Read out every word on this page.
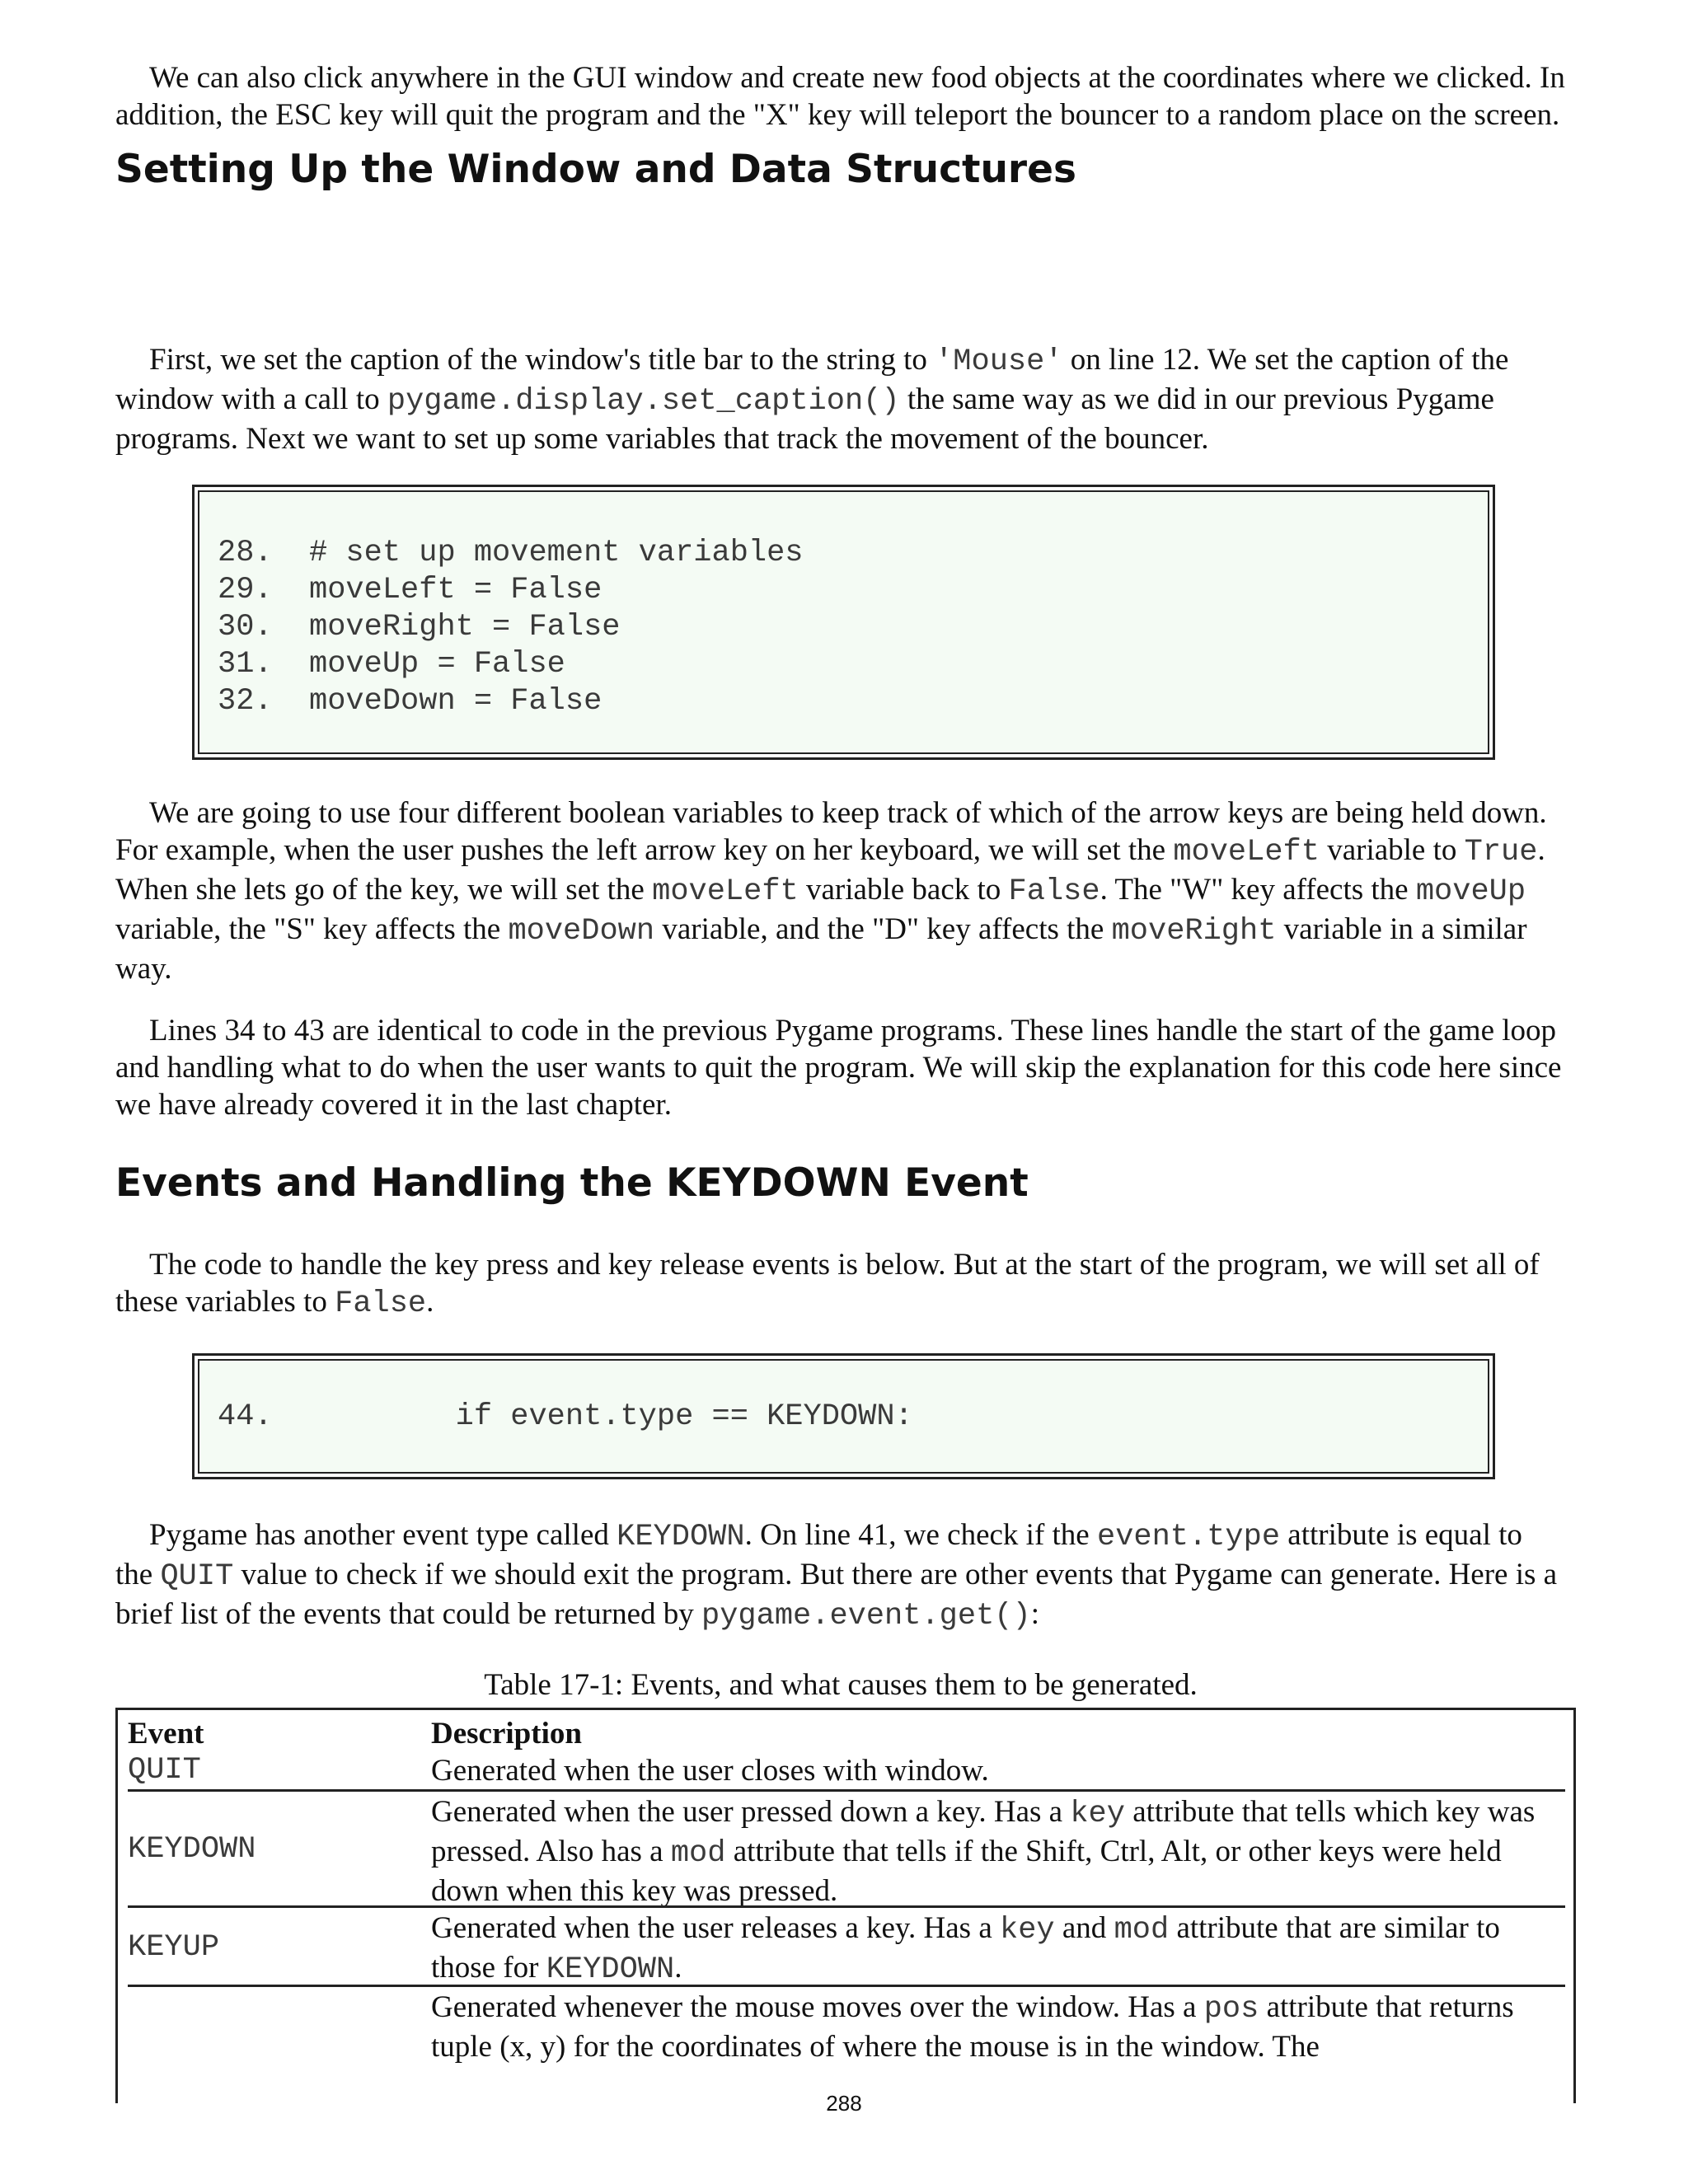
We can also click anywhere in the GUI window and create new food objects at the coordinates where we clicked. In addition, the ESC key will quit the program and the "X" key will teleport the bouncer to a random place on the screen.

Setting Up the Window and Data Structures

First, we set the caption of the window's title bar to the string to 'Mouse' on line 12. We set the caption of the window with a call to pygame.display.set_caption() the same way as we did in our previous Pygame programs. Next we want to set up some variables that track the movement of the bouncer.

28.  # set up movement variables
29.  moveLeft = False
30.  moveRight = False
31.  moveUp = False
32.  moveDown = False

We are going to use four different boolean variables to keep track of which of the arrow keys are being held down. For example, when the user pushes the left arrow key on her keyboard, we will set the moveLeft variable to True. When she lets go of the key, we will set the moveLeft variable back to False. The "W" key affects the moveUp variable, the "S" key affects the moveDown variable, and the "D" key affects the moveRight variable in a similar way.

Lines 34 to 43 are identical to code in the previous Pygame programs. These lines handle the start of the game loop and handling what to do when the user wants to quit the program. We will skip the explanation for this code here since we have already covered it in the last chapter.

Events and Handling the KEYDOWN Event

The code to handle the key press and key release events is below. But at the start of the program, we will set all of these variables to False.

44.          if event.type == KEYDOWN:

Pygame has another event type called KEYDOWN. On line 41, we check if the event.type attribute is equal to the QUIT value to check if we should exit the program. But there are other events that Pygame can generate. Here is a brief list of the events that could be returned by pygame.event.get():

Table 17-1: Events, and what causes them to be generated.
Event	Description
QUIT	Generated when the user closes with window.
KEYDOWN
Generated when the user pressed down a key. Has a key attribute that tells which key was pressed. Also has a mod attribute that tells if the Shift, Ctrl, Alt, or other keys were held down when this key was pressed.
KEYUP
Generated when the user releases a key. Has a key and mod attribute that are similar to those for KEYDOWN.
Generated whenever the mouse moves over the window. Has a pos attribute that returns tuple (x, y) for the coordinates of where the mouse is in the window. The
288
